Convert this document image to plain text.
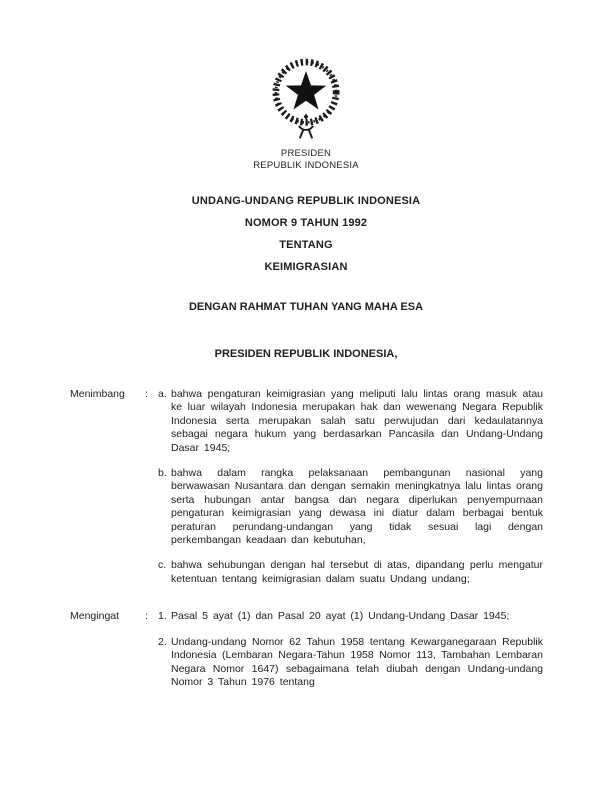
PRESIDEN
REPUBLIK INDONESIA
UNDANG-UNDANG REPUBLIK INDONESIA
NOMOR 9 TAHUN 1992
TENTANG
KEIMIGRASIAN
DENGAN RAHMAT TUHAN YANG MAHA ESA
PRESIDEN REPUBLIK INDONESIA,
Menimbang	: a. bahwa pengaturan keimigrasian yang meliputi lalu lintas orang masuk atau ke luar wilayah Indonesia merupakan hak dan wewenang Negara Republik Indonesia serta merupakan salah satu perwujudan dari kedaulatannya sebagai negara hukum yang berdasarkan Pancasila dan Undang-Undang Dasar 1945;
b. bahwa dalam rangka pelaksanaan pembangunan nasional yang berwawasan Nusantara dan dengan semakin meningkatnya lalu lintas orang serta hubungan antar bangsa dan negara diperlukan penyempurnaan pengaturan keimigrasian yang dewasa ini diatur dalam berbagai bentuk peraturan perundang-undangan yang tidak sesuai lagi dengan perkembangan keadaan dan kebutuhan,
c. bahwa sehubungan dengan hal tersebut di atas, dipandang perlu mengatur ketentuan tentang keimigrasian dalam suatu Undang undang;
Mengingat	: 1. Pasal 5 ayat (1) dan Pasal 20 ayat (1) Undang-Undang Dasar 1945;
2. Undang-undang Nomor 62 Tahun 1958 tentang Kewarganegaraan Republik Indonesia (Lembaran Negara-Tahun 1958 Nomor 113, Tambahan Lembaran Negara Nomor 1647) sebagaimana telah diubah dengan Undang-undang Nomor 3 Tahun 1976 tentang
